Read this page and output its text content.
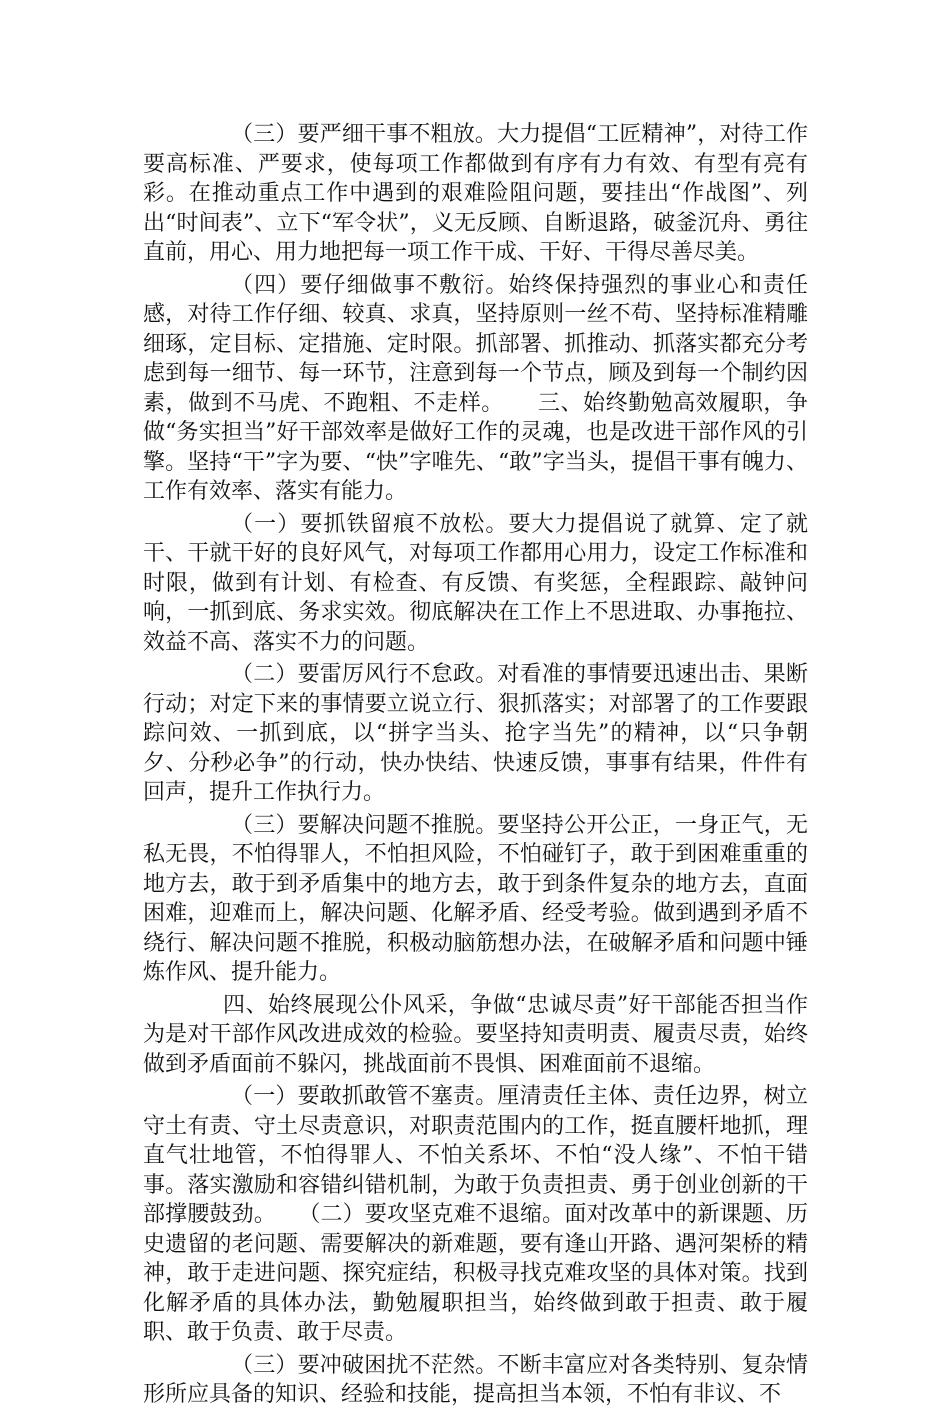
（三）要严细干事不粗放。大力提倡“工匠精神”，对待工作要高标准、严要求，使每项工作都做到有序有力有效、有型有亮有彩。在推动重点工作中遇到的艰难险阻问题，要挂出“作战图”、列出“时间表”、立下“军令状”，义无反顾、自断退路，破釜沉舟、勇往直前，用心、用力地把每一项工作干成、干好、干得尽善尽美。

（四）要仔细做事不敷衍。始终保持强烈的事业心和责任感，对待工作仔细、较真、求真，坚持原则一丝不苟、坚持标准精雕细琢，定目标、定措施、定时限。抓部署、抓推动、抓落实都充分考虑到每一细节、每一环节，注意到每一个节点，顾及到每一个制约因素，做到不马虎、不跑粗、不走样。　　三、始终勤勉高效履职，争做“务实担当”好干部效率是做好工作的灵魂，也是改进干部作风的引擎。坚持“干”字为要、“快”字唯先、“敢”字当头，提倡干事有魄力、工作有效率、落实有能力。

（一）要抓铁留痕不放松。要大力提倡说了就算、定了就干、干就干好的良好风气，对每项工作都用心用力，设定工作标准和时限，做到有计划、有检查、有反馈、有奖惩，全程跟踪、敲钟问响，一抓到底、务求实效。彻底解决在工作上不思进取、办事拖拉、效益不高、落实不力的问题。

（二）要雷厉风行不怠政。对看准的事情要迅速出击、果断行动；对定下来的事情要立说立行、狠抓落实；对部署了的工作要跟踪问效、一抓到底，以“拼字当头、抢字当先”的精神，以“只争朝夕、分秒必争”的行动，快办快结、快速反馈，事事有结果，件件有回声，提升工作执行力。

（三）要解决问题不推脱。要坚持公开公正，一身正气，无私无畏，不怕得罪人，不怕担风险，不怕碰钉子，敢于到困难重重的地方去，敢于到矛盾集中的地方去，敢于到条件复杂的地方去，直面困难，迎难而上，解决问题、化解矛盾、经受考验。做到遇到矛盾不绕行、解决问题不推脱，积极动脑筋想办法，在破解矛盾和问题中锤炼作风、提升能力。

四、始终展现公仆风采，争做“忠诚尽责”好干部能否担当作为是对干部作风改进成效的检验。要坚持知责明责、履责尽责，始终做到矛盾面前不躲闪，挑战面前不畏惧、困难面前不退缩。

（一）要敢抓敢管不塞责。厘清责任主体、责任边界，树立守土有责、守土尽责意识，对职责范围内的工作，挺直腰杆地抓，理直气壮地管，不怕得罪人、不怕关系坏、不怕“没人缘”、不怕干错事。落实激励和容错纠错机制，为敢于负责担责、勇于创业创新的干部撑腰鼓劲。　　（二）要攻坚克难不退缩。面对改革中的新课题、历史遗留的老问题、需要解决的新难题，要有逢山开路、遇河架桥的精神，敢于走进问题、探究症结，积极寻找克难攻坚的具体对策。找到化解矛盾的具体办法，勤勉履职担当，始终做到敢于担责、敢于履职、敢于负责、敢于尽责。

（三）要冲破困扰不茫然。不断丰富应对各类特别、复杂情形所应具备的知识、经验和技能，提高担当本领，不怕有非议、不
